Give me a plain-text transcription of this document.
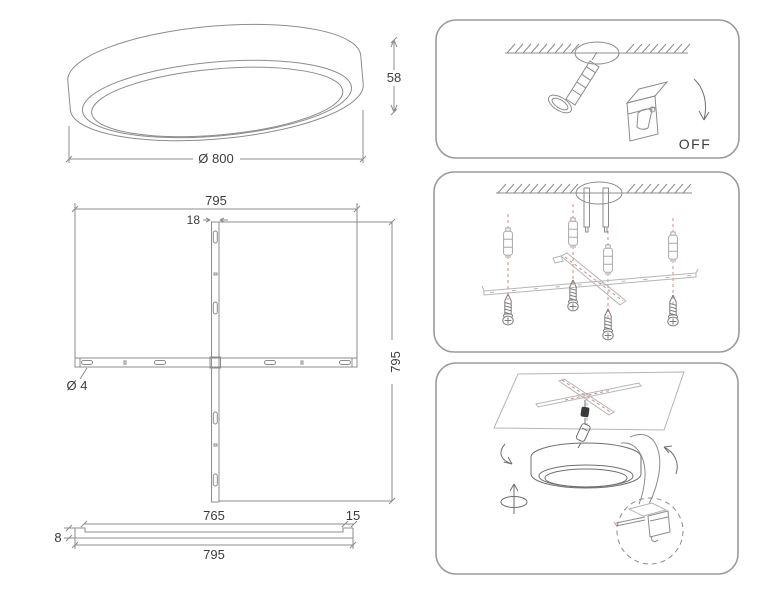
58
Ø 800
795
18
Ø 4
795
765	15
8
795
OFF
